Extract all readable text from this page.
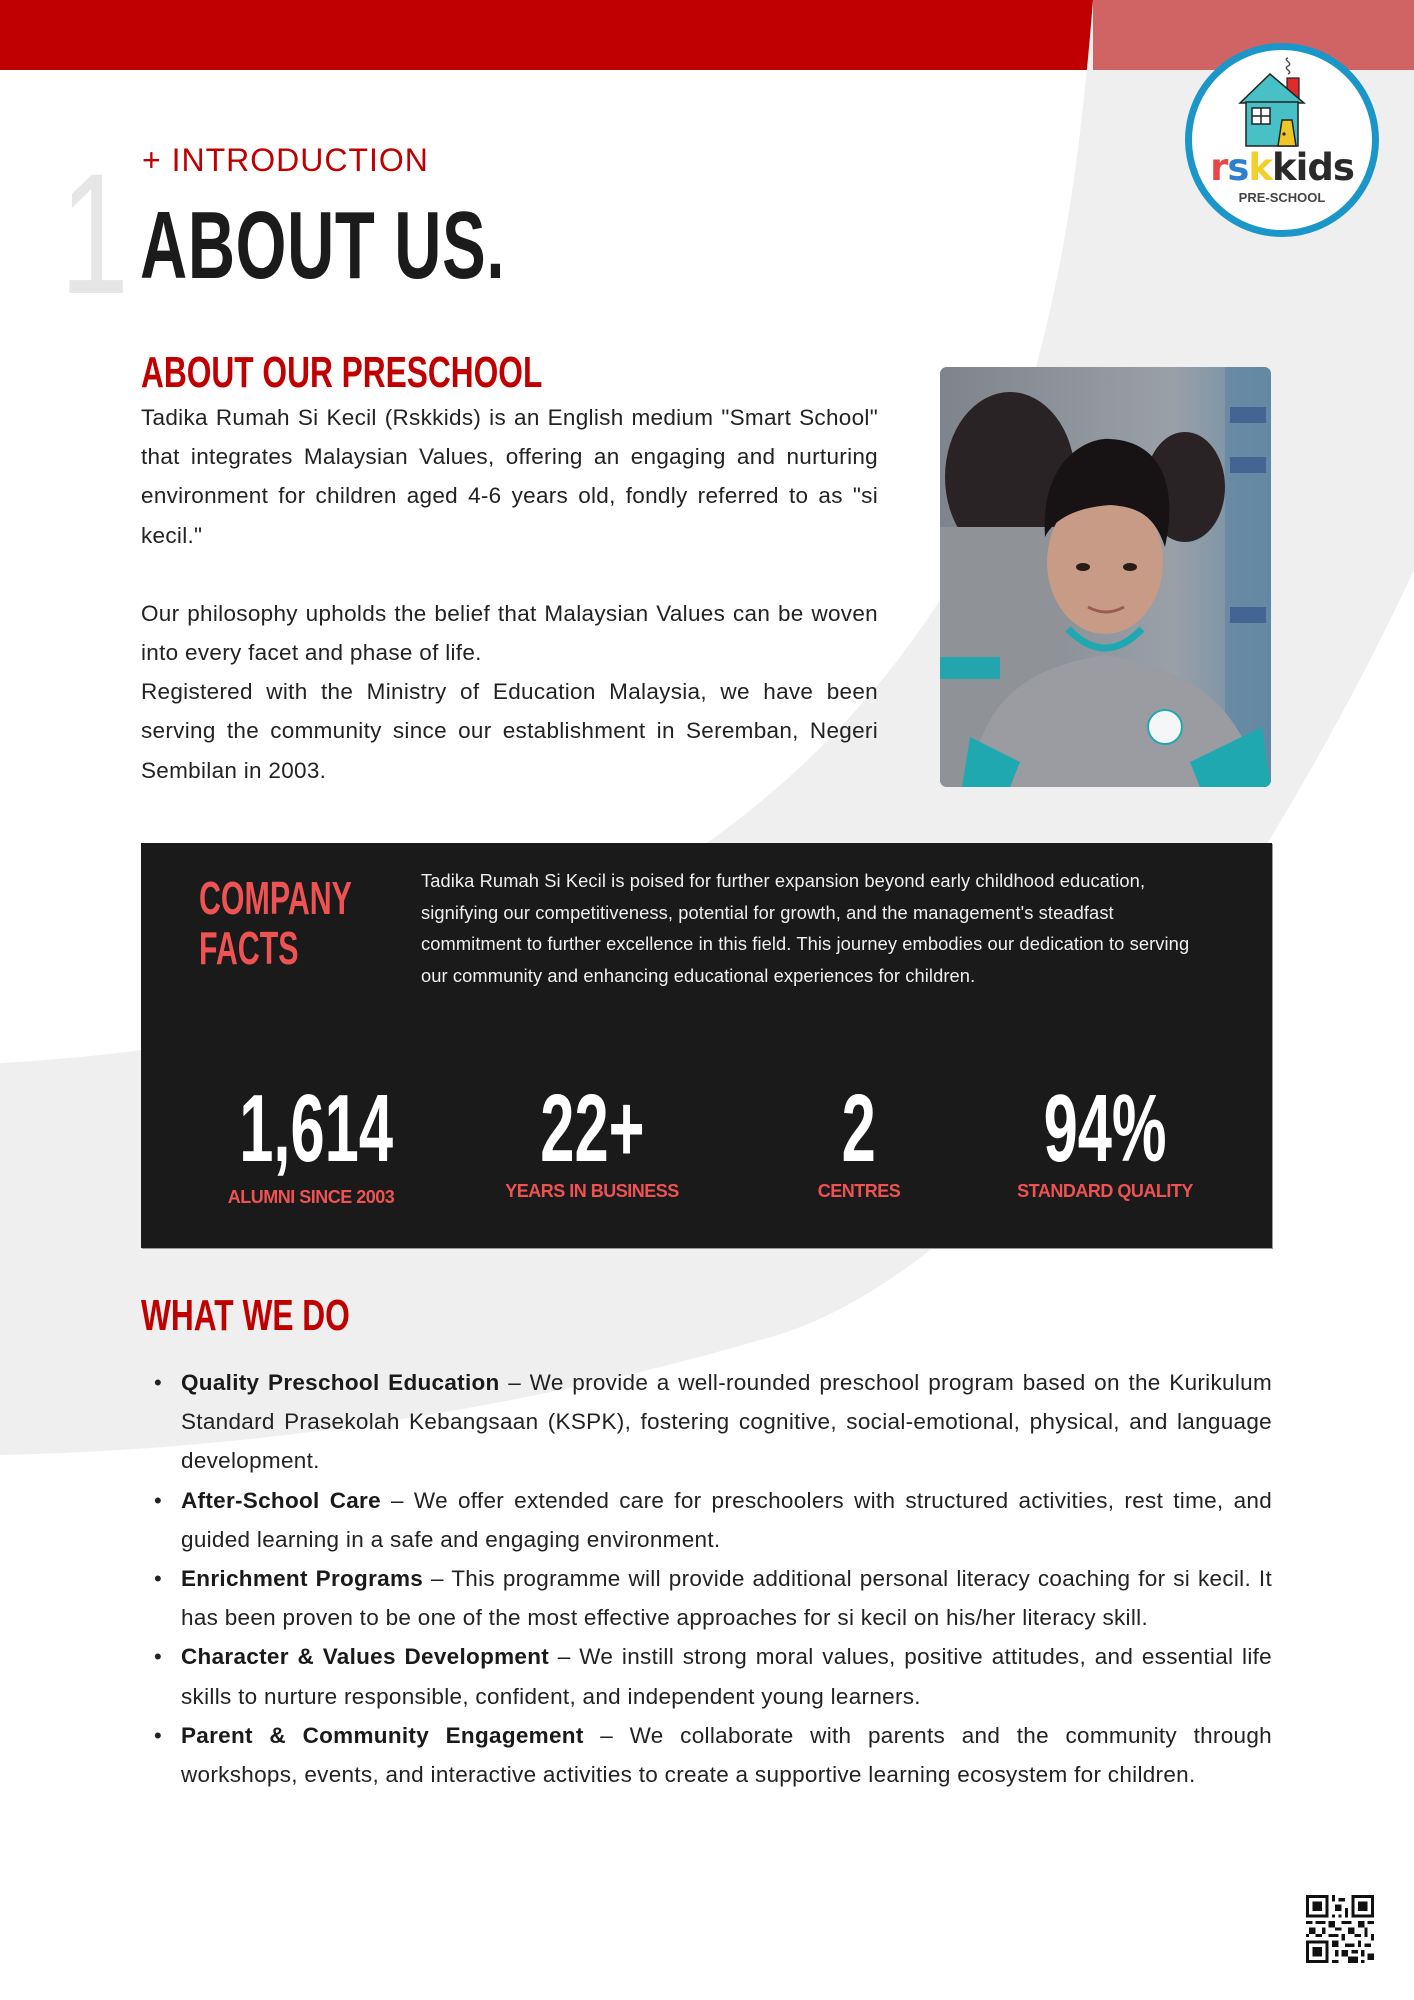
1 + INTRODUCTION
ABOUT US.
rskkids
PRE-SCHOOL
ABOUT OUR PRESCHOOL

Tadika Rumah Si Kecil (Rskkids) is an English medium "Smart School" that integrates Malaysian Values, offering an engaging and nurturing environment for children aged 4-6 years old, fondly referred to as "si kecil."

Our philosophy upholds the belief that Malaysian Values can be woven into every facet and phase of life.

Registered with the Ministry of Education Malaysia, we have been serving the community since our establishment in Seremban, Negeri Sembilan in 2003.

COMPANY
FACTS
Tadika Rumah Si Kecil is poised for further expansion beyond early childhood education, signifying our competitiveness, potential for growth, and the management's steadfast commitment to further excellence in this field. This journey embodies our dedication to serving our community and enhancing educational experiences for children.
1,614
ALUMNI SINCE 2003
22+
YEARS IN BUSINESS
2
CENTRES
94%
STANDARD QUALITY
WHAT WE DO
• Quality Preschool Education – We provide a well-rounded preschool program based on the Kurikulum Standard Prasekolah Kebangsaan (KSPK), fostering cognitive, social-emotional, physical, and language development.
• After-School Care – We offer extended care for preschoolers with structured activities, rest time, and guided learning in a safe and engaging environment.
• Enrichment Programs – This programme will provide additional personal literacy coaching for si kecil. It has been proven to be one of the most effective approaches for si kecil on his/her literacy skill.
• Character & Values Development – We instill strong moral values, positive attitudes, and essential life skills to nurture responsible, confident, and independent young learners.
• Parent & Community Engagement – We collaborate with parents and the community through workshops, events, and interactive activities to create a supportive learning ecosystem for children.
